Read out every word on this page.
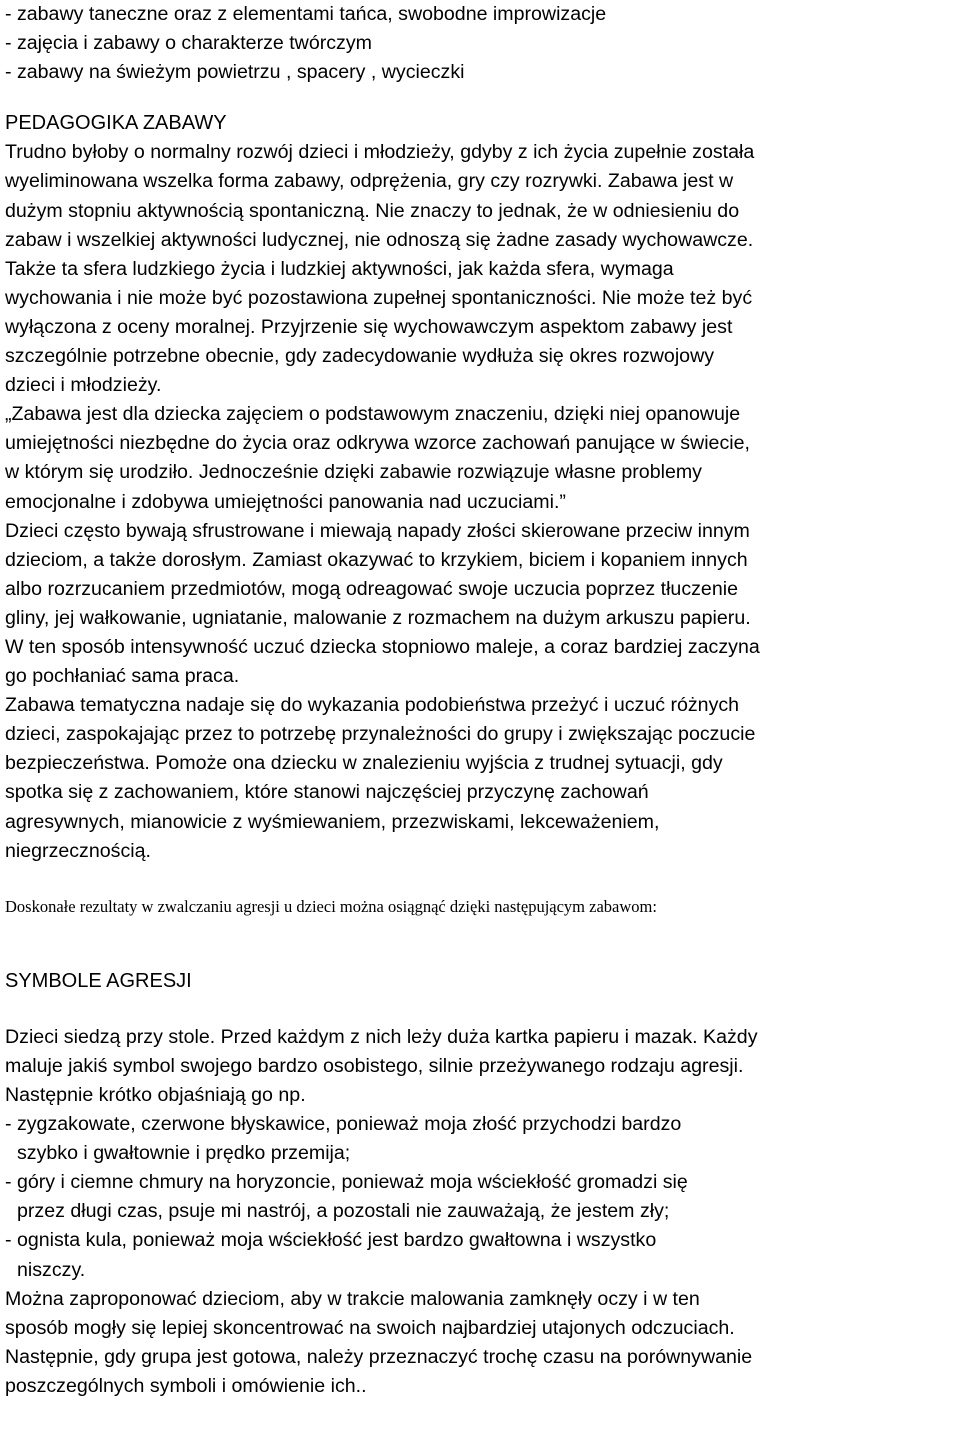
- zabawy taneczne oraz z elementami tańca, swobodne improwizacje
- zajęcia i zabawy o charakterze twórczym
- zabawy na świeżym powietrzu , spacery , wycieczki
PEDAGOGIKA ZABAWY
Trudno byłoby o normalny rozwój dzieci i młodzieży, gdyby z ich życia zupełnie została
wyeliminowana wszelka forma zabawy, odprężenia, gry czy rozrywki. Zabawa jest w
dużym stopniu aktywnością spontaniczną. Nie znaczy to jednak, że w odniesieniu do
zabaw i wszelkiej aktywności ludycznej, nie odnoszą się żadne zasady wychowawcze.
Także ta sfera ludzkiego życia i ludzkiej aktywności, jak każda sfera, wymaga
wychowania i nie może być pozostawiona zupełnej spontaniczności. Nie może też być
wyłączona z oceny moralnej. Przyjrzenie się wychowawczym aspektom zabawy jest
szczególnie potrzebne obecnie, gdy zadecydowanie wydłuża się okres rozwojowy
dzieci i młodzieży.
„Zabawa jest dla dziecka zajęciem o podstawowym znaczeniu, dzięki niej opanowuje
umiejętności niezbędne do życia oraz odkrywa wzorce zachowań panujące w świecie,
w którym się urodziło. Jednocześnie dzięki zabawie rozwiązuje własne problemy
emocjonalne i zdobywa umiejętności panowania nad uczuciami.”
Dzieci często bywają sfrustrowane i miewają napady złości skierowane przeciw innym
dzieciom, a także dorosłym. Zamiast okazywać to krzykiem, biciem i kopaniem innych
albo rozrzucaniem przedmiotów, mogą odreagować swoje uczucia poprzez tłuczenie
gliny, jej wałkowanie, ugniatanie, malowanie z rozmachem na dużym arkuszu papieru.
W ten sposób intensywność uczuć dziecka stopniowo maleje, a coraz bardziej zaczyna
go pochłaniać sama praca.
Zabawa tematyczna nadaje się do wykazania podobieństwa przeżyć i uczuć różnych
dzieci, zaspokajając przez to potrzebę przynależności do grupy i zwiększając poczucie
bezpieczeństwa. Pomoże ona dziecku w znalezieniu wyjścia z trudnej sytuacji, gdy
spotka się z zachowaniem, które stanowi najczęściej przyczynę zachowań
agresywnych, mianowicie z wyśmiewaniem, przezwiskami, lekceważeniem,
niegrzecznością.
Doskonałe rezultaty w zwalczaniu agresji u dzieci można osiągnąć dzięki następującym zabawom:
SYMBOLE AGRESJI
Dzieci siedzą przy stole. Przed każdym z nich leży duża kartka papieru i mazak. Każdy
maluje jakiś symbol swojego bardzo osobistego, silnie przeżywanego rodzaju agresji.
Następnie krótko objaśniają go np.
- zygzakowate, czerwone błyskawice, ponieważ moja złość przychodzi bardzo
szybko i gwałtownie i prędko przemija;
- góry i ciemne chmury na horyzoncie, ponieważ moja wściekłość gromadzi się
przez długi czas, psuje mi nastrój, a pozostali nie zauważają, że jestem zły;
- ognista kula, ponieważ moja wściekłość jest bardzo gwałtowna i wszystko
niszczy.
Można zaproponować dzieciom, aby w trakcie malowania zamknęły oczy i w ten
sposób mogły się lepiej skoncentrować na swoich najbardziej utajonych odczuciach.
Następnie, gdy grupa jest gotowa, należy przeznaczyć trochę czasu na porównywanie
poszczególnych symboli i omówienie ich..
